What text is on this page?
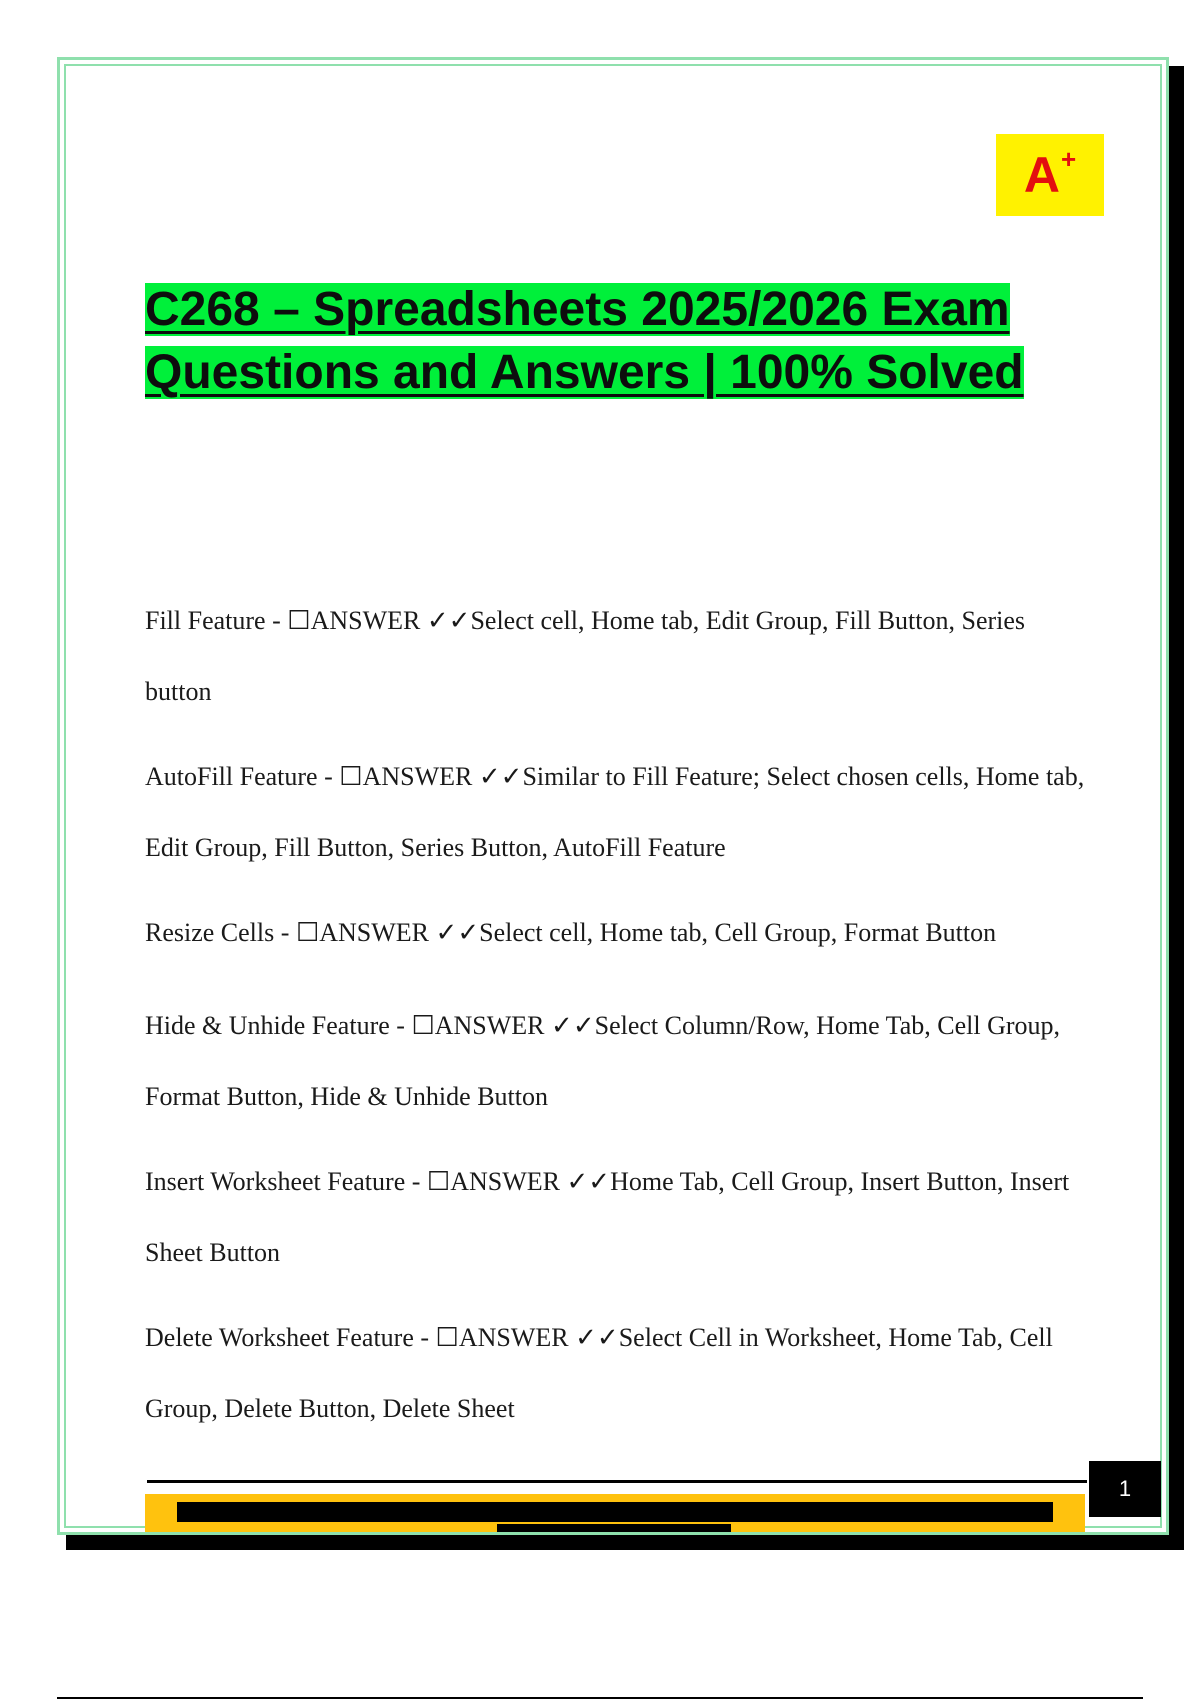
A +
C268 – Spreadsheets 2025/2026 Exam
Questions and Answers | 100% Solved

Fill Feature - ☐ANSWER ✓✓Select cell, Home tab, Edit Group, Fill Button, Series button

AutoFill Feature - ☐ANSWER ✓✓Similar to Fill Feature; Select chosen cells, Home tab, Edit Group, Fill Button, Series Button, AutoFill Feature

Resize Cells - ☐ANSWER ✓✓Select cell, Home tab, Cell Group, Format Button

Hide & Unhide Feature - ☐ANSWER ✓✓Select Column/Row, Home Tab, Cell Group, Format Button, Hide & Unhide Button

Insert Worksheet Feature - ☐ANSWER ✓✓Home Tab, Cell Group, Insert Button, Insert Sheet Button

Delete Worksheet Feature - ☐ANSWER ✓✓Select Cell in Worksheet, Home Tab, Cell Group, Delete Button, Delete Sheet

1
